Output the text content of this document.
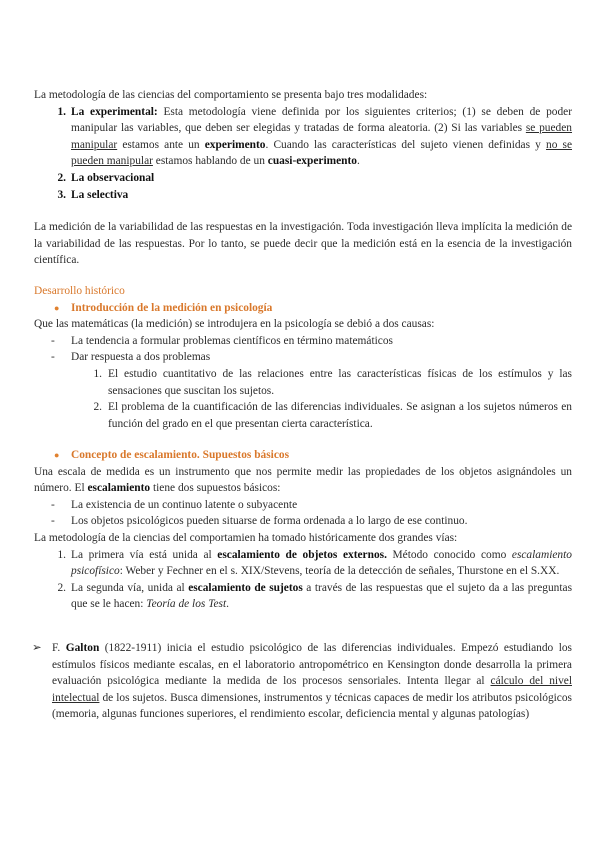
La metodología de las ciencias del comportamiento se presenta bajo tres modalidades:
1. La experimental: Esta metodología viene definida por los siguientes criterios; (1) se deben de poder manipular las variables, que deben ser elegidas y tratadas de forma aleatoria. (2) Si las variables se pueden manipular estamos ante un experimento. Cuando las características del sujeto vienen definidas y no se pueden manipular estamos hablando de un cuasi-experimento.
2. La observacional
3. La selectiva
La medición de la variabilidad de las respuestas en la investigación. Toda investigación lleva implícita la medición de la variabilidad de las respuestas. Por lo tanto, se puede decir que la medición está en la esencia de la investigación científica.
Desarrollo histórico
● Introducción de la medición en psicología
Que las matemáticas (la medición) se introdujera en la psicología se debió a dos causas:
- La tendencia a formular problemas científicos en término matemáticos
- Dar respuesta a dos problemas
1. El estudio cuantitativo de las relaciones entre las características físicas de los estímulos y las sensaciones que suscitan los sujetos.
2. El problema de la cuantificación de las diferencias individuales. Se asignan a los sujetos números en función del grado en el que presentan cierta característica.
● Concepto de escalamiento. Supuestos básicos
Una escala de medida es un instrumento que nos permite medir las propiedades de los objetos asignándoles un número. El escalamiento tiene dos supuestos básicos:
- La existencia de un continuo latente o subyacente
- Los objetos psicológicos pueden situarse de forma ordenada a lo largo de ese continuo.
La metodología de la ciencias del comportamien ha tomado históricamente dos grandes vías:
1. La primera vía está unida al escalamiento de objetos externos. Método conocido como escalamiento psicofísico: Weber y Fechner en el s. XIX/Stevens, teoría de la detección de señales, Thurstone en el S.XX.
2. La segunda vía, unida al escalamiento de sujetos a través de las respuestas que el sujeto da a las preguntas que se le hacen: Teoría de los Test.
➢ F. Galton (1822-1911) inicia el estudio psicológico de las diferencias individuales. Empezó estudiando los estímulos físicos mediante escalas, en el laboratorio antropométrico en Kensington donde desarrolla la primera evaluación psicológica mediante la medida de los procesos sensoriales. Intenta llegar al cálculo del nivel intelectual de los sujetos. Busca dimensiones, instrumentos y técnicas capaces de medir los atributos psicológicos (memoria, algunas funciones superiores, el rendimiento escolar, deficiencia mental y algunas patologías)
